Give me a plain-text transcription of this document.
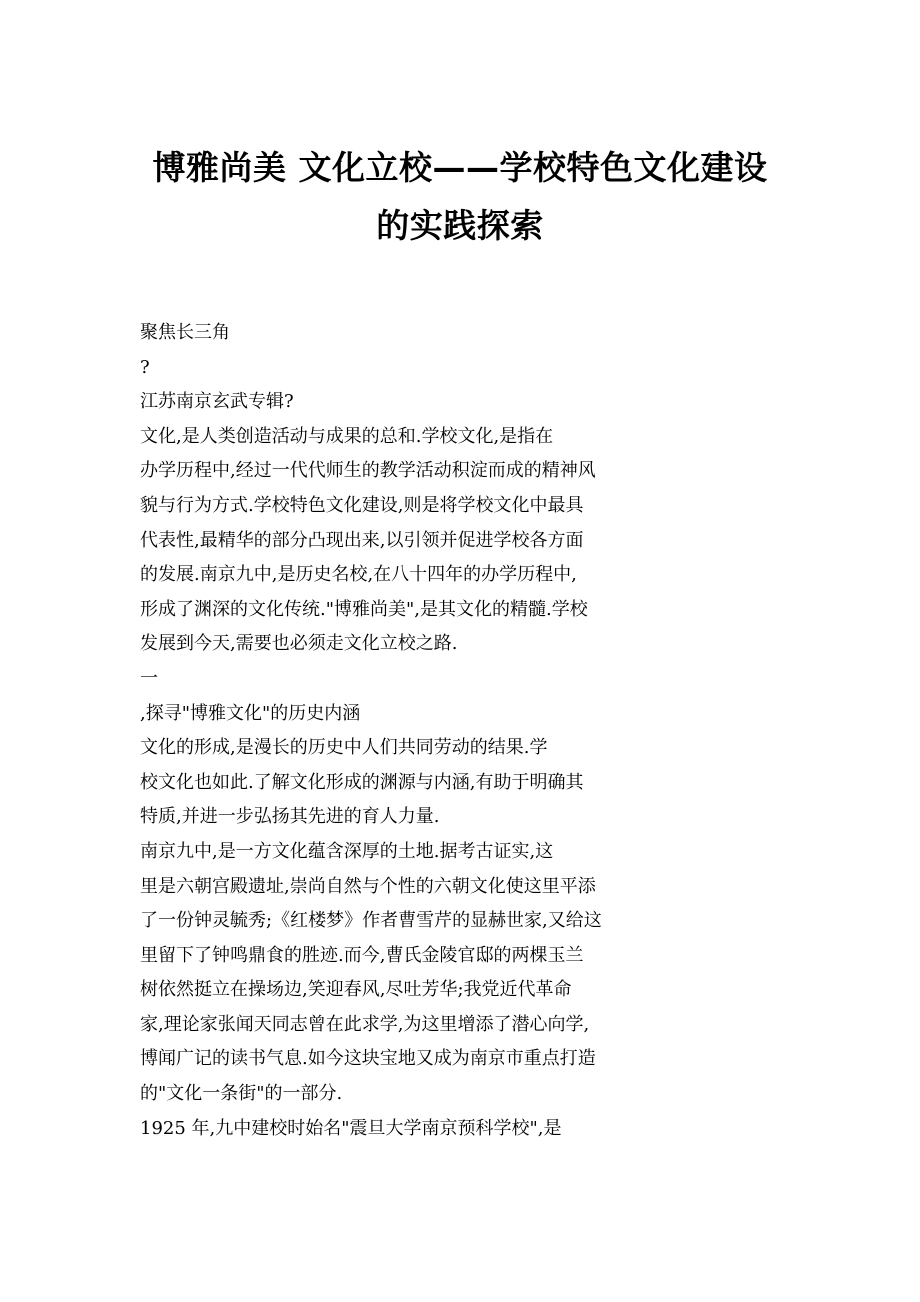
博雅尚美 文化立校——学校特色文化建设
的实践探索
聚焦长三角
?
江苏南京玄武专辑?
文化,是人类创造活动与成果的总和.学校文化,是指在
办学历程中,经过一代代师生的教学活动积淀而成的精神风
貌与行为方式.学校特色文化建设,则是将学校文化中最具
代表性,最精华的部分凸现出来,以引领并促进学校各方面
的发展.南京九中,是历史名校,在八十四年的办学历程中,
形成了渊深的文化传统."博雅尚美",是其文化的精髓.学校
发展到今天,需要也必须走文化立校之路.
一
,探寻"博雅文化"的历史内涵
文化的形成,是漫长的历史中人们共同劳动的结果.学
校文化也如此.了解文化形成的渊源与内涵,有助于明确其
特质,并进一步弘扬其先进的育人力量.
南京九中,是一方文化蕴含深厚的土地.据考古证实,这
里是六朝宫殿遗址,崇尚自然与个性的六朝文化使这里平添
了一份钟灵毓秀;《红楼梦》作者曹雪芹的显赫世家,又给这
里留下了钟鸣鼎食的胜迹.而今,曹氏金陵官邸的两棵玉兰
树依然挺立在操场边,笑迎春风,尽吐芳华;我党近代革命
家,理论家张闻天同志曾在此求学,为这里增添了潜心向学,
博闻广记的读书气息.如今这块宝地又成为南京市重点打造
的"文化一条街"的一部分.
1925 年,九中建校时始名"震旦大学南京预科学校",是
